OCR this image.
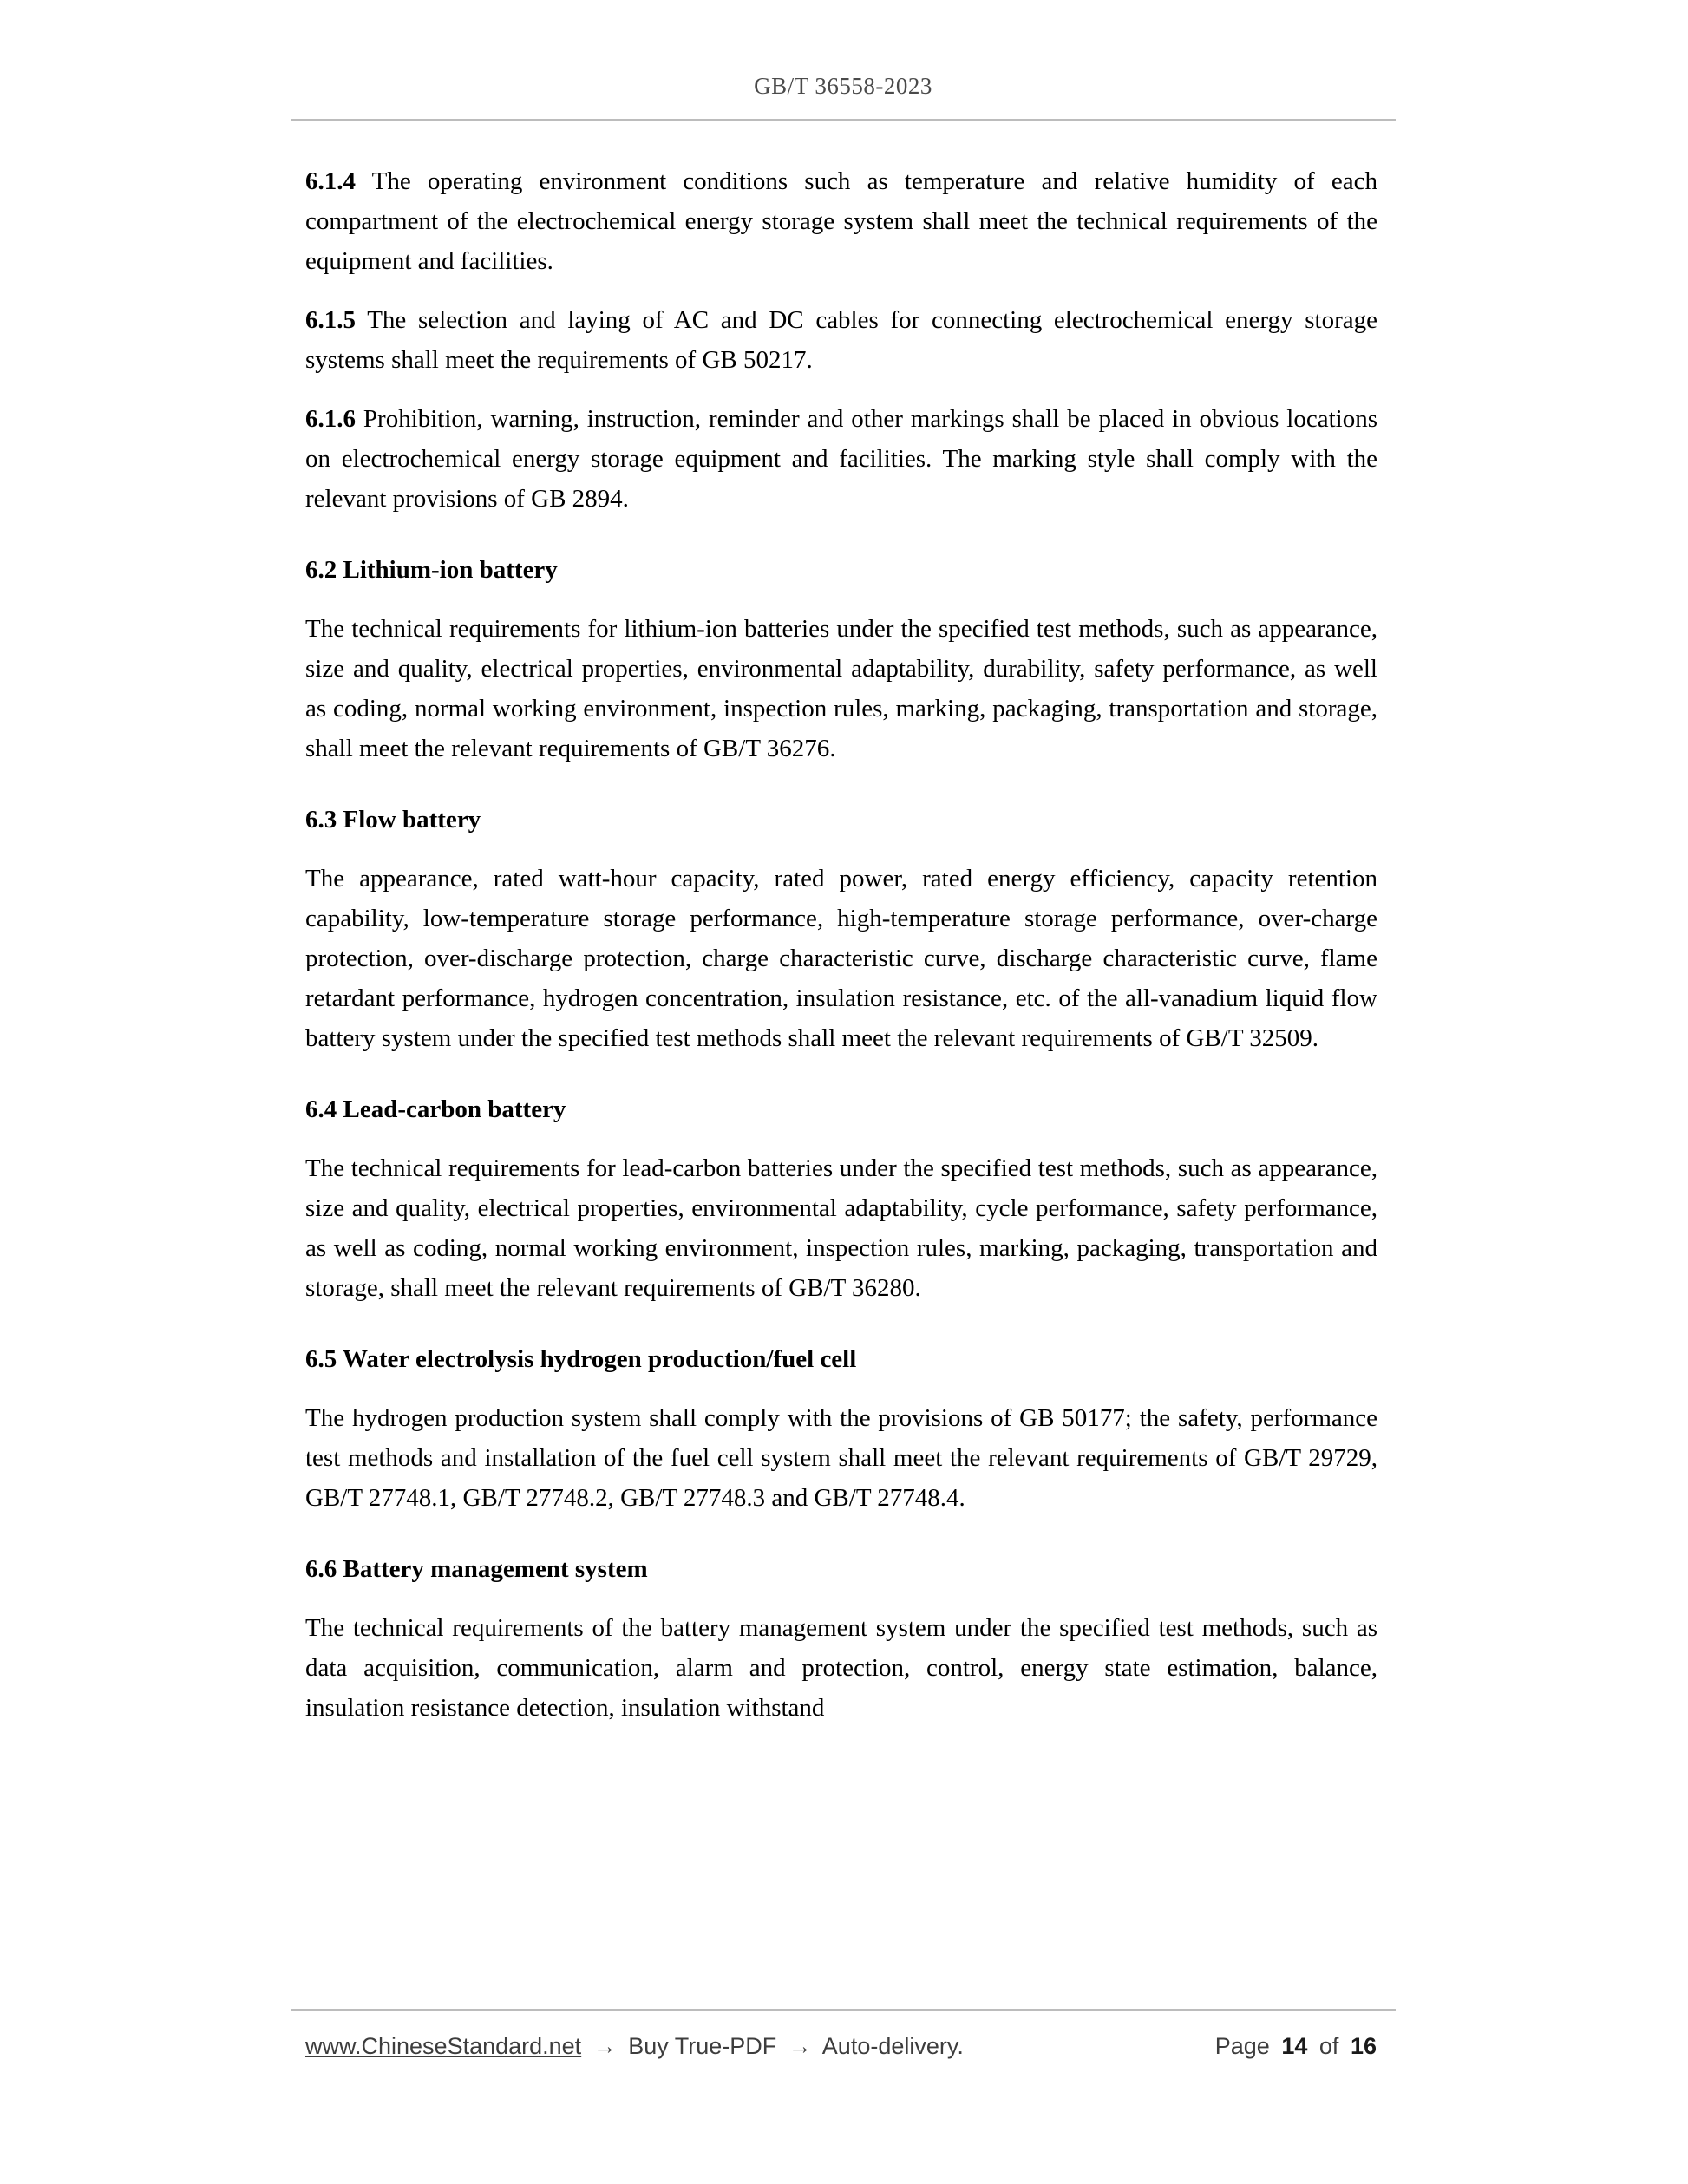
GB/T 36558-2023

6.1.4 The operating environment conditions such as temperature and relative humidity of each compartment of the electrochemical energy storage system shall meet the technical requirements of the equipment and facilities.

6.1.5 The selection and laying of AC and DC cables for connecting electrochemical energy storage systems shall meet the requirements of GB 50217.

6.1.6 Prohibition, warning, instruction, reminder and other markings shall be placed in obvious locations on electrochemical energy storage equipment and facilities. The marking style shall comply with the relevant provisions of GB 2894.

6.2 Lithium-ion battery

The technical requirements for lithium-ion batteries under the specified test methods, such as appearance, size and quality, electrical properties, environmental adaptability, durability, safety performance, as well as coding, normal working environment, inspection rules, marking, packaging, transportation and storage, shall meet the relevant requirements of GB/T 36276.

6.3 Flow battery

The appearance, rated watt-hour capacity, rated power, rated energy efficiency, capacity retention capability, low-temperature storage performance, high-temperature storage performance, over-charge protection, over-discharge protection, charge characteristic curve, discharge characteristic curve, flame retardant performance, hydrogen concentration, insulation resistance, etc. of the all-vanadium liquid flow battery system under the specified test methods shall meet the relevant requirements of GB/T 32509.

6.4 Lead-carbon battery

The technical requirements for lead-carbon batteries under the specified test methods, such as appearance, size and quality, electrical properties, environmental adaptability, cycle performance, safety performance, as well as coding, normal working environment, inspection rules, marking, packaging, transportation and storage, shall meet the relevant requirements of GB/T 36280.

6.5 Water electrolysis hydrogen production/fuel cell

The hydrogen production system shall comply with the provisions of GB 50177; the safety, performance test methods and installation of the fuel cell system shall meet the relevant requirements of GB/T 29729, GB/T 27748.1, GB/T 27748.2, GB/T 27748.3 and GB/T 27748.4.

6.6 Battery management system

The technical requirements of the battery management system under the specified test methods, such as data acquisition, communication, alarm and protection, control, energy state estimation, balance, insulation resistance detection, insulation withstand

www.ChineseStandard.net → Buy True-PDF → Auto-delivery.	Page 14 of 16
